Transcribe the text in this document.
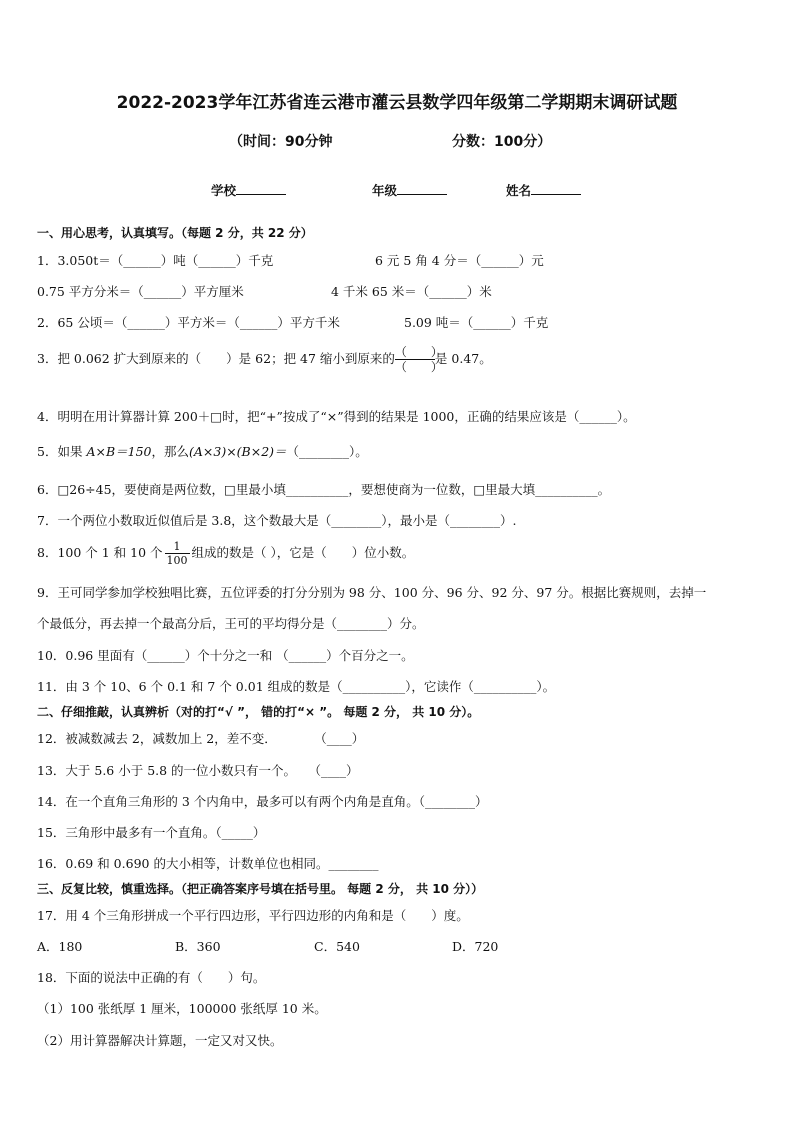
2022-2023学年江苏省连云港市灌云县数学四年级第二学期期末调研试题
（时间：90分钟	分数：100分）
学校	年级	姓名
一、用心思考，认真填写。（每题 2 分，共 22 分）
1．3.050t＝（______）吨（______）千克	6 元 5 角 4 分＝（______）元
0.75 平方分米＝（______）平方厘米	4 千米 65 米＝（______）米
2．65 公顷＝（______）平方米＝（______）平方千米	5.09 吨＝（______）千克
3．把 0.062 扩大到原来的（　　）是 62；把 47 缩小到原来的 （　　）
（　　）是 0.47。
4．明明在用计算器计算 200＋□时，把“+”按成了“×”得到的结果是 1000，正确的结果应该是（______）。
5．如果 A×B＝150，那么(A×3)×(B×2)＝（________）。
6．□26÷45，要使商是两位数，□里最小填__________，要想使商为一位数，□里最大填__________。
7．一个两位小数取近似值后是 3.8，这个数最大是（________），最小是（________）.
8．100 个 1 和 10 个 $\frac{1}{100}$ 组成的数是（ ），它是（　　）位小数。
9．王可同学参加学校独唱比赛，五位评委的打分分别为 98 分、100 分、96 分、92 分、97 分。根据比赛规则，去掉一
个最低分，再去掉一个最高分后，王可的平均得分是（________）分。
10．0.96 里面有（______）个十分之一和 （______）个百分之一。
11．由 3 个 10、6 个 0.1 和 7 个 0.01 组成的数是（__________），它读作（__________）。
二、仔细推敲，认真辨析（对的打“√ ”， 错的打“× ”。 每题 2 分， 共 10 分）。
12．被减数减去 2，减数加上 2，差不变．　　　　（____）
13．大于 5.6 小于 5.8 的一位小数只有一个。　　（____）
14．在一个直角三角形的 3 个内角中，最多可以有两个内角是直角。（________）
15．三角形中最多有一个直角。（_____）
16．0.69 和 0.690 的大小相等，计数单位也相同。________
三、反复比较，慎重选择。（把正确答案序号填在括号里。 每题 2 分， 共 10 分））
17．用 4 个三角形拼成一个平行四边形，平行四边形的内角和是（　　）度。
A．180	B．360	C．540	D．720
18．下面的说法中正确的有（　　）句。
（1）100 张纸厚 1 厘米，100000 张纸厚 10 米。
（2）用计算器解决计算题，一定又对又快。
